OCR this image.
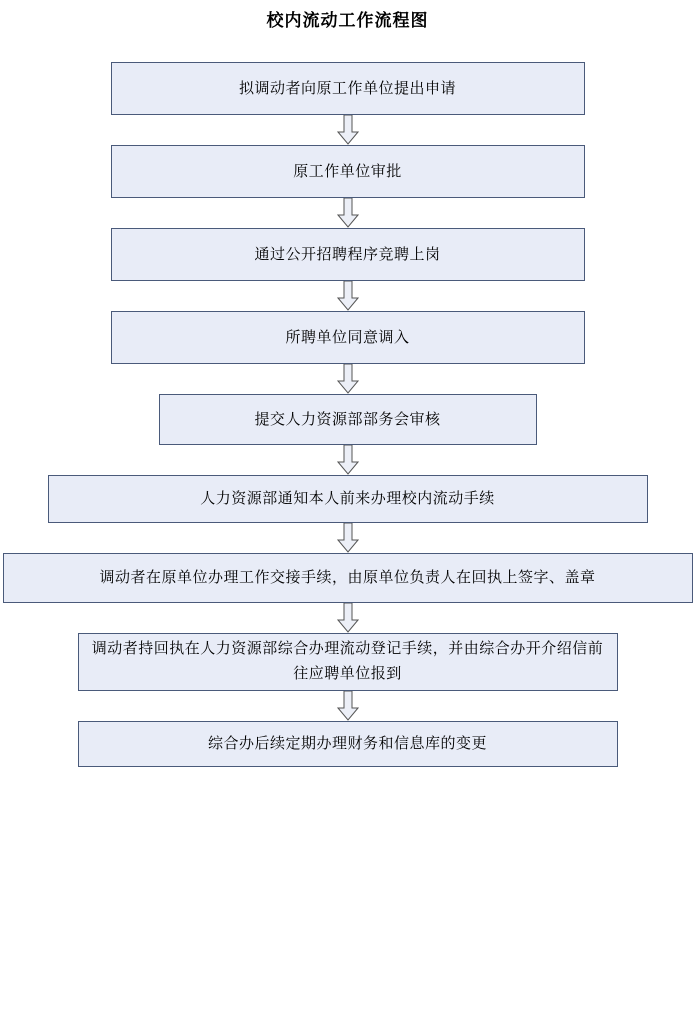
校内流动工作流程图
拟调动者向原工作单位提出申请
原工作单位审批
通过公开招聘程序竞聘上岗
所聘单位同意调入
提交人力资源部部务会审核
人力资源部通知本人前来办理校内流动手续
调动者在原单位办理工作交接手续，由原单位负责人在回执上签字、盖章
调动者持回执在人力资源部综合办理流动登记手续，并由综合办开介绍信前往应聘单位报到
综合办后续定期办理财务和信息库的变更
